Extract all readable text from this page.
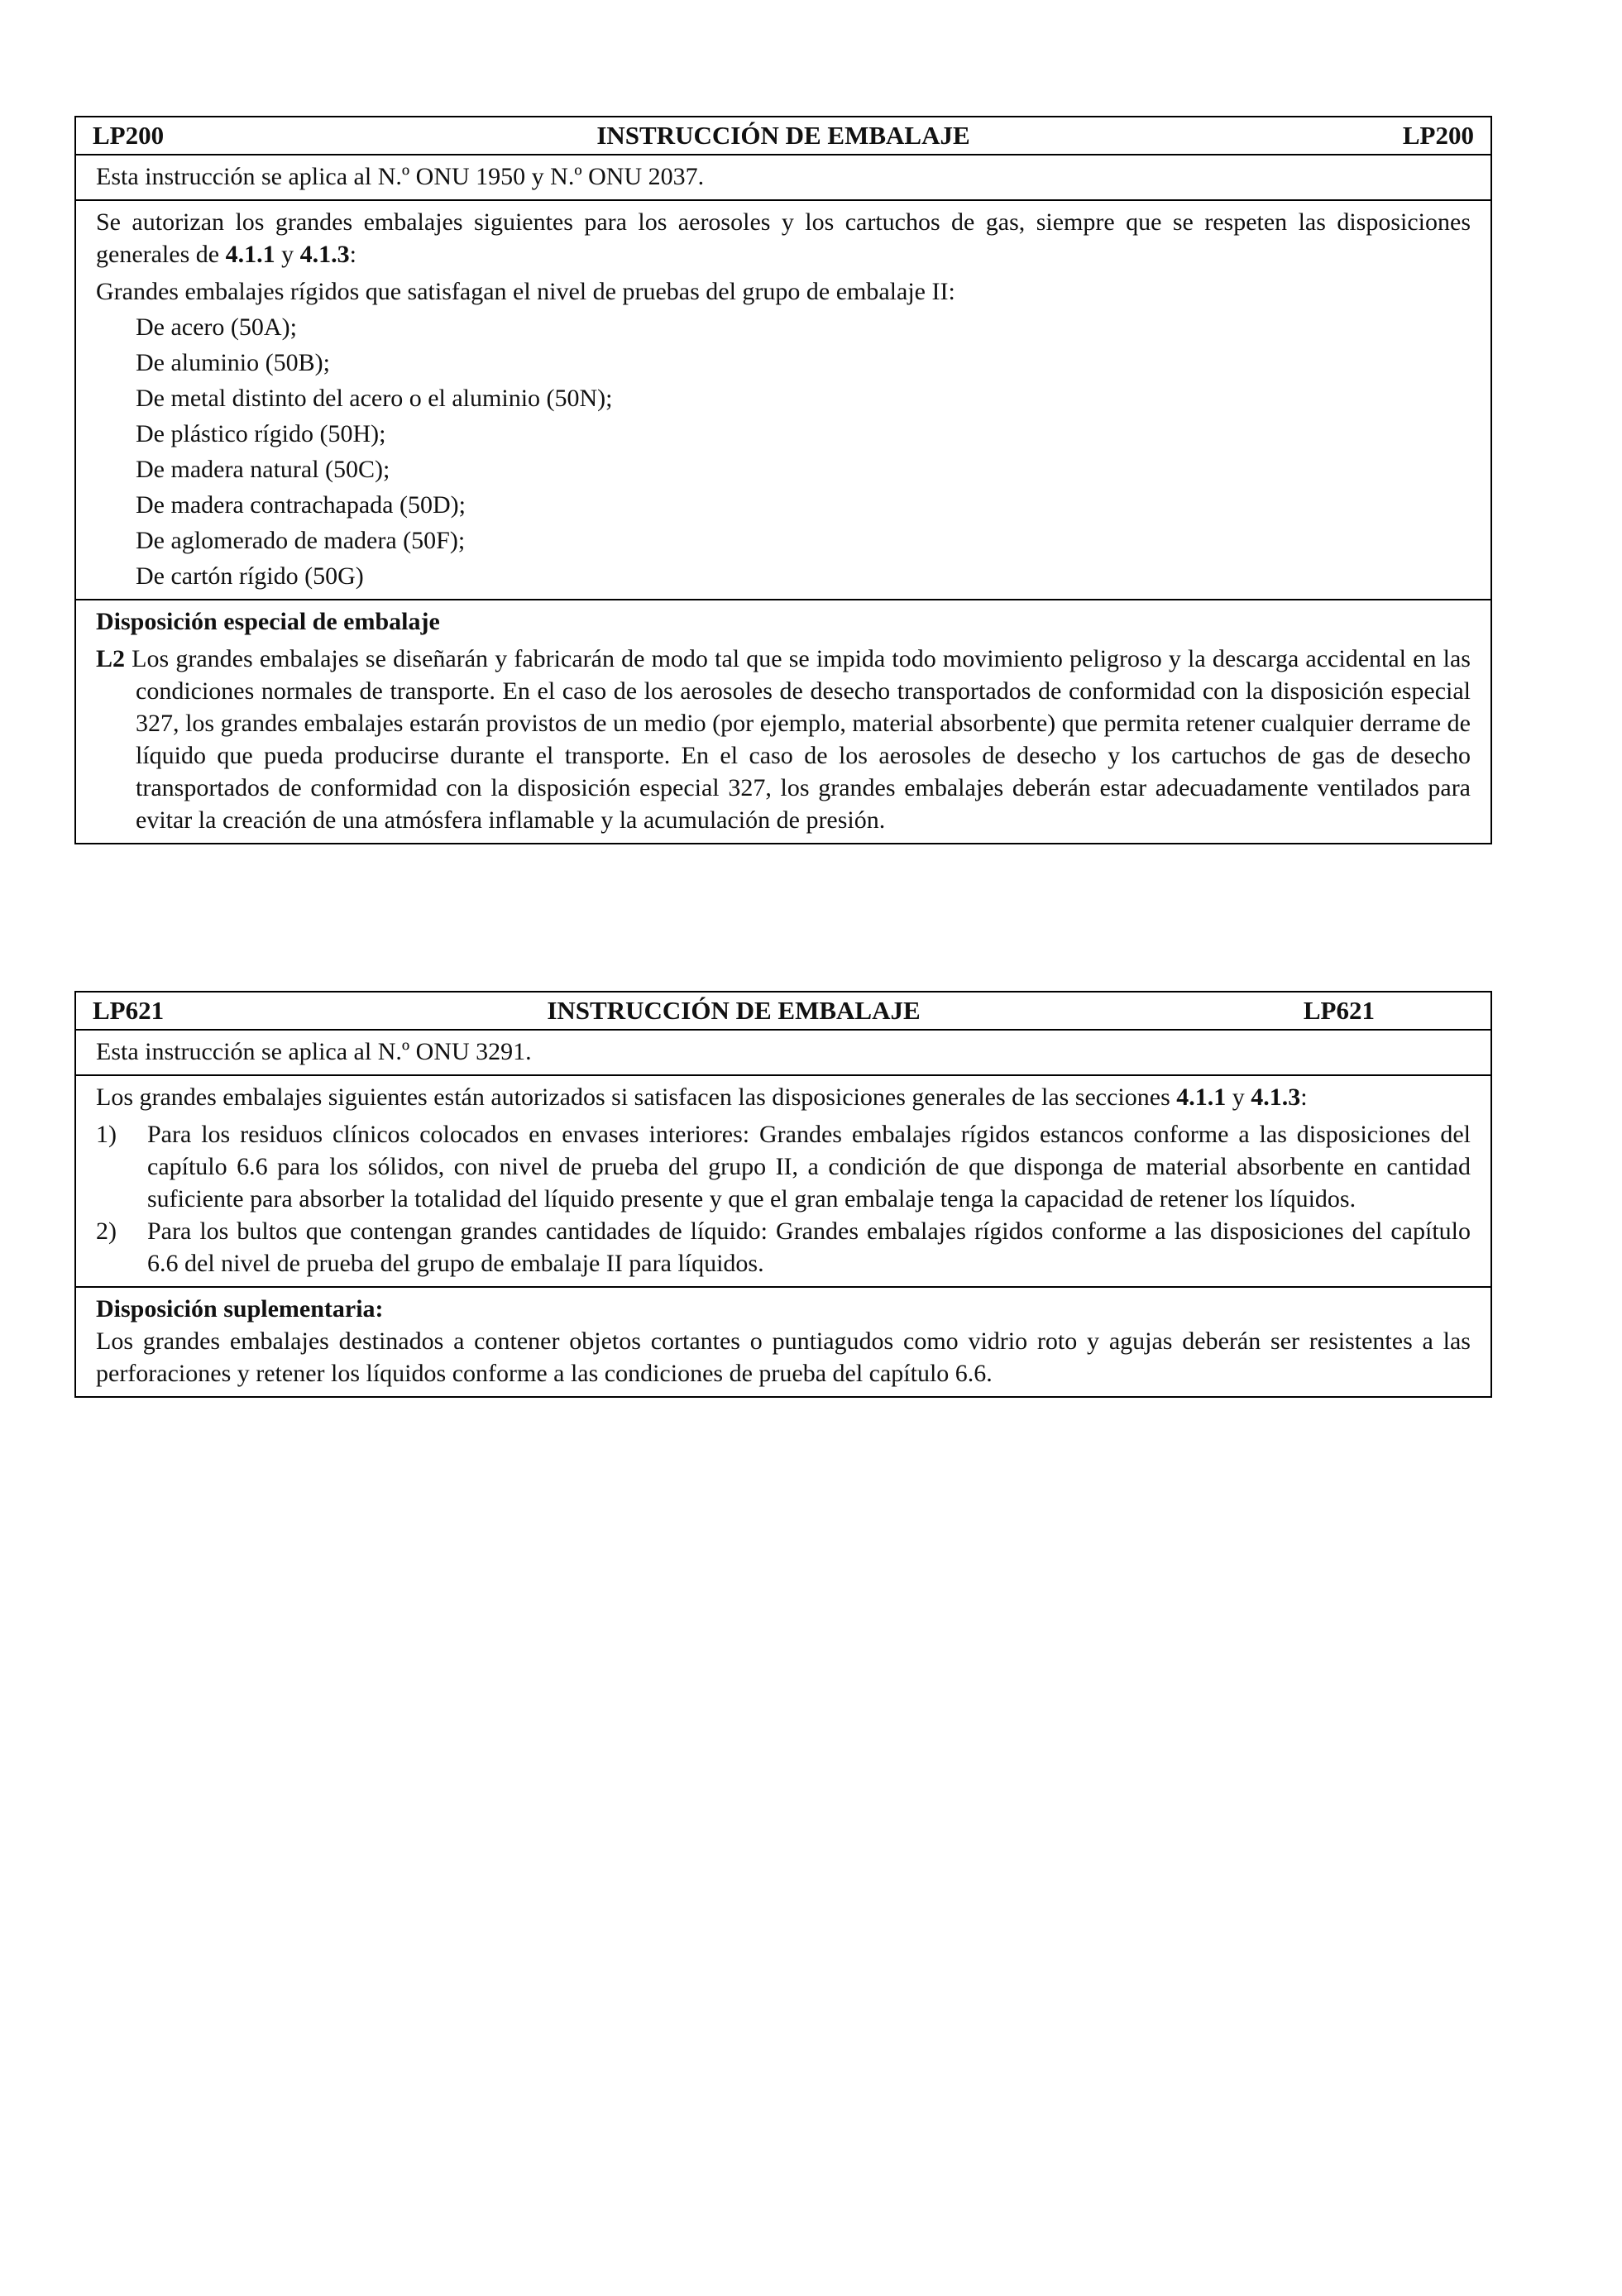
LP200	INSTRUCCIÓN DE EMBALAJE	LP200

Esta instrucción se aplica al N.º ONU 1950 y N.º ONU 2037.

Se autorizan los grandes embalajes siguientes para los aerosoles y los cartuchos de gas, siempre que se respeten las disposiciones generales de 4.1.1 y 4.1.3:

Grandes embalajes rígidos que satisfagan el nivel de pruebas del grupo de embalaje II:

De acero (50A);

De aluminio (50B);

De metal distinto del acero o el aluminio (50N);

De plástico rígido (50H);

De madera natural (50C);

De madera contrachapada (50D);

De aglomerado de madera (50F);

De cartón rígido (50G)

Disposición especial de embalaje

L2 Los grandes embalajes se diseñarán y fabricarán de modo tal que se impida todo movimiento peligroso y la descarga accidental en las condiciones normales de transporte. En el caso de los aerosoles de desecho transportados de conformidad con la disposición especial 327, los grandes embalajes estarán provistos de un medio (por ejemplo, material absorbente) que permita retener cualquier derrame de líquido que pueda producirse durante el transporte. En el caso de los aerosoles de desecho y los cartuchos de gas de desecho transportados de conformidad con la disposición especial 327, los grandes embalajes deberán estar adecuadamente ventilados para evitar la creación de una atmósfera inflamable y la acumulación de presión.

LP621	INSTRUCCIÓN DE EMBALAJE	LP621

Esta instrucción se aplica al N.º ONU 3291.

Los grandes embalajes siguientes están autorizados si satisfacen las disposiciones generales de las secciones 4.1.1 y 4.1.3:

1)	Para los residuos clínicos colocados en envases interiores: Grandes embalajes rígidos estancos conforme a las disposiciones del capítulo 6.6 para los sólidos, con nivel de prueba del grupo II, a condición de que disponga de material absorbente en cantidad suficiente para absorber la totalidad del líquido presente y que el gran embalaje tenga la capacidad de retener los líquidos.

2)	Para los bultos que contengan grandes cantidades de líquido: Grandes embalajes rígidos conforme a las disposiciones del capítulo 6.6 del nivel de prueba del grupo de embalaje II para líquidos.

Disposición suplementaria:

Los grandes embalajes destinados a contener objetos cortantes o puntiagudos como vidrio roto y agujas deberán ser resistentes a las perforaciones y retener los líquidos conforme a las condiciones de prueba del capítulo 6.6.
